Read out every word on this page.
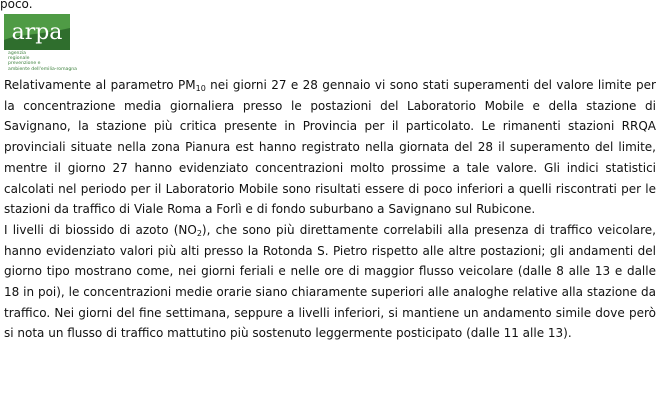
poco.
arpa
agenzia
regionale
prevenzione e
ambiente dell'emilia-romagna

Relativamente al parametro $PM_{10}$ nei giorni 27 e 28 gennaio vi sono stati superamenti del valore limite per la concentrazione media giornaliera presso le postazioni del Laboratorio Mobile e della stazione di Savignano, la stazione più critica presente in Provincia per il particolato. Le rimanenti stazioni RRQA provinciali situate nella zona Pianura est hanno registrato nella giornata del 28 il superamento del limite, mentre il giorno 27 hanno evidenziato concentrazioni molto prossime a tale valore. Gli indici statistici calcolati nel periodo per il Laboratorio Mobile sono risultati essere di poco inferiori a quelli riscontrati per le stazioni da traffico di Viale Roma a Forlì e di fondo suburbano a Savignano sul Rubicone.

I livelli di biossido di azoto $(NO_2)$, che sono più direttamente correlabili alla presenza di traffico veicolare, hanno evidenziato valori più alti presso la Rotonda S. Pietro rispetto alle altre postazioni; gli andamenti del giorno tipo mostrano come, nei giorni feriali e nelle ore di maggior flusso veicolare (dalle 8 alle 13 e dalle 18 in poi), le concentrazioni medie orarie siano chiaramente superiori alle analoghe relative alla stazione da traffico. Nei giorni del fine settimana, seppure a livelli inferiori, si mantiene un andamento simile dove però si nota un flusso di traffico mattutino più sostenuto leggermente posticipato (dalle 11 alle 13).
